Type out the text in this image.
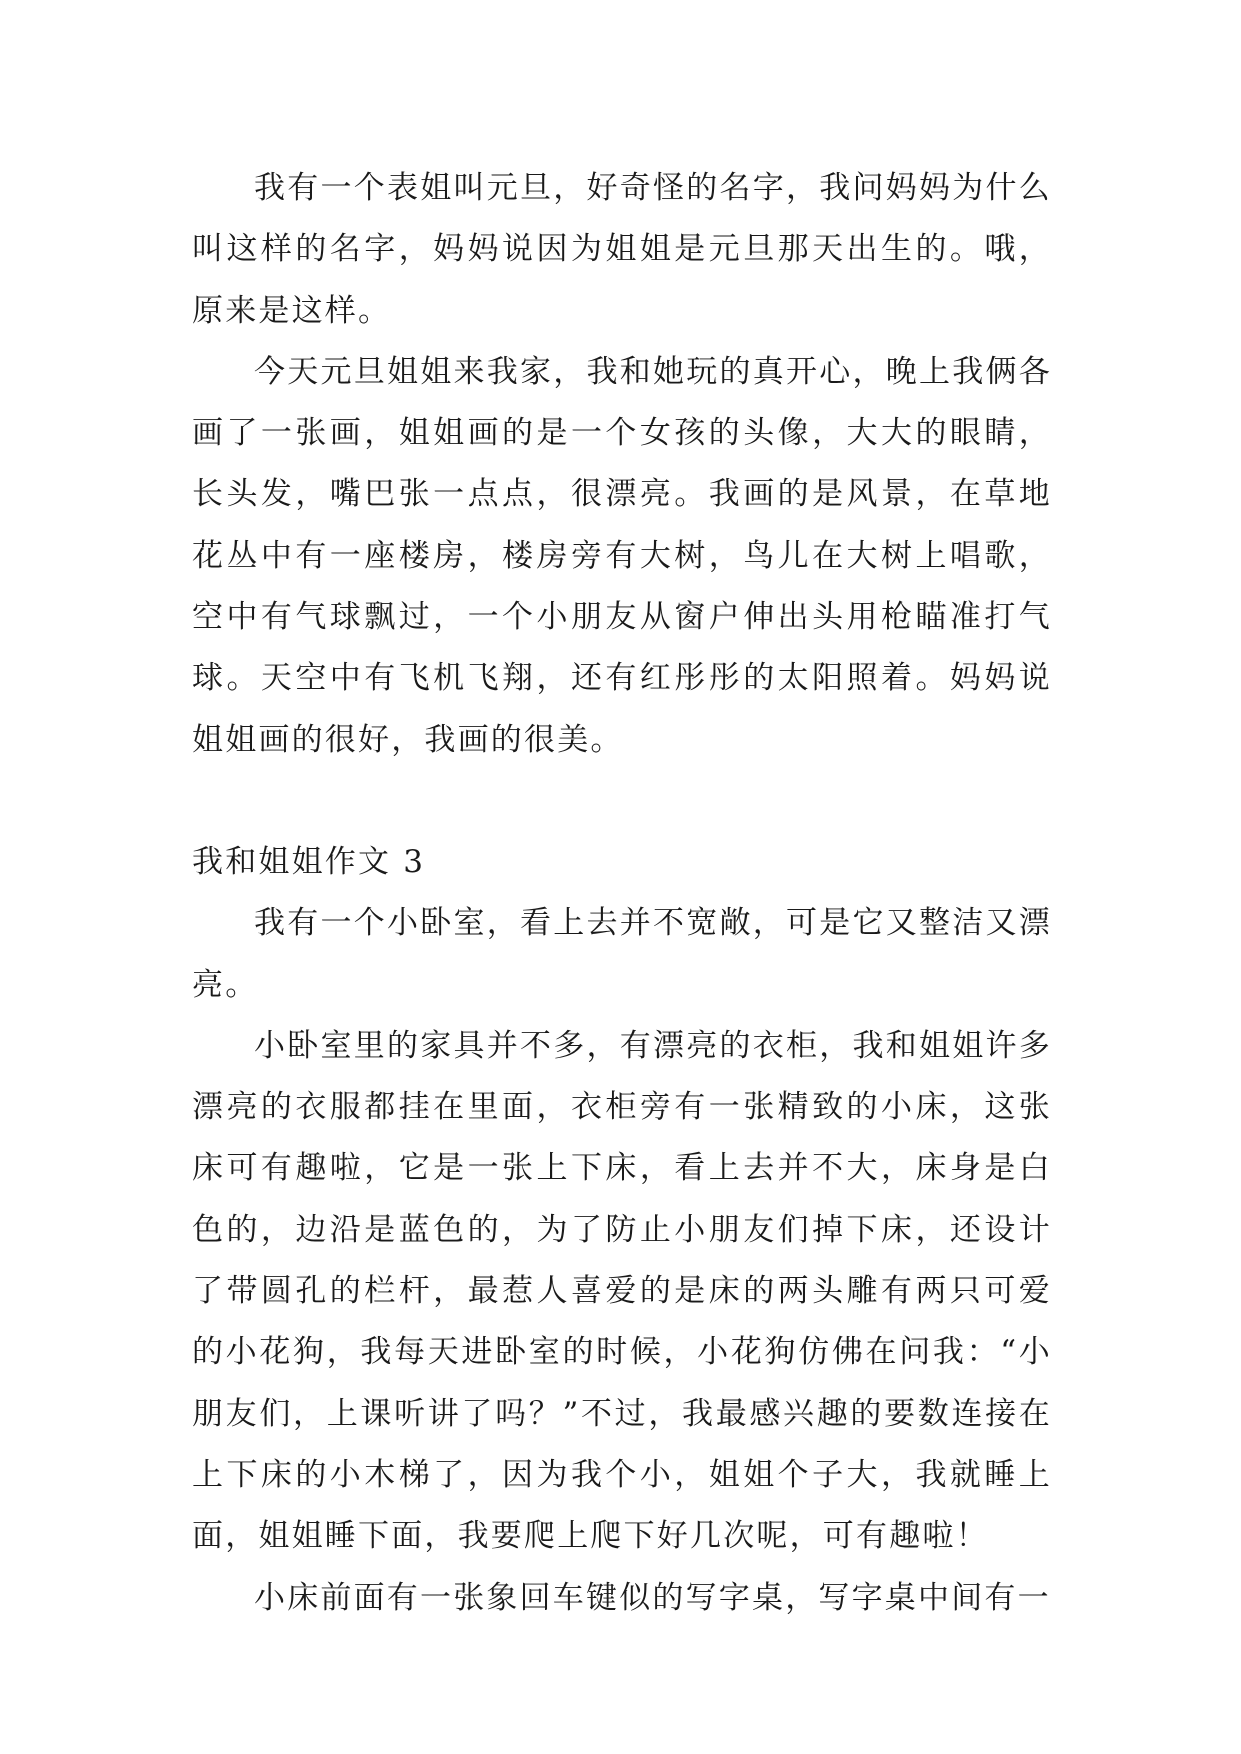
我有一个表姐叫元旦，好奇怪的名字，我问妈妈为什么叫这样的名字，妈妈说因为姐姐是元旦那天出生的。哦，原来是这样。

今天元旦姐姐来我家，我和她玩的真开心，晚上我俩各画了一张画，姐姐画的是一个女孩的头像，大大的眼睛，长头发，嘴巴张一点点，很漂亮。我画的是风景，在草地花丛中有一座楼房，楼房旁有大树，鸟儿在大树上唱歌，空中有气球飘过，一个小朋友从窗户伸出头用枪瞄准打气球。天空中有飞机飞翔，还有红彤彤的太阳照着。妈妈说姐姐画的很好，我画的很美。

我和姐姐作文 3

我有一个小卧室，看上去并不宽敞，可是它又整洁又漂亮。

小卧室里的家具并不多，有漂亮的衣柜，我和姐姐许多漂亮的衣服都挂在里面，衣柜旁有一张精致的小床，这张床可有趣啦，它是一张上下床，看上去并不大，床身是白色的，边沿是蓝色的，为了防止小朋友们掉下床，还设计了带圆孔的栏杆，最惹人喜爱的是床的两头雕有两只可爱的小花狗，我每天进卧室的时候，小花狗仿佛在问我：“小朋友们，上课听讲了吗？”不过，我最感兴趣的要数连接在上下床的小木梯了，因为我个小，姐姐个子大，我就睡上面，姐姐睡下面，我要爬上爬下好几次呢，可有趣啦！

小床前面有一张象回车键似的写字桌，写字桌中间有一
